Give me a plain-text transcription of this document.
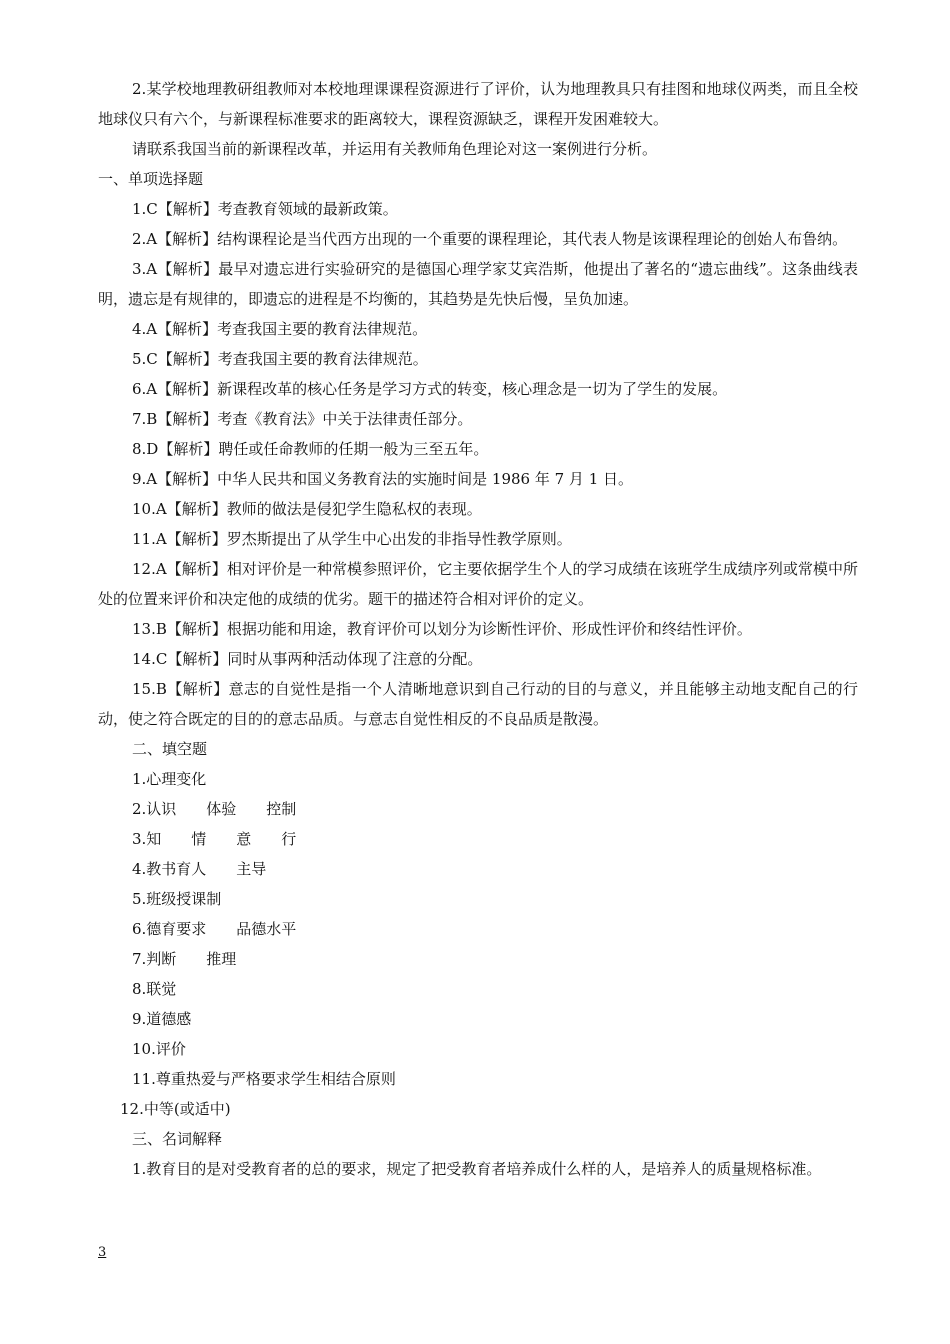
2.某学校地理教研组教师对本校地理课课程资源进行了评价，认为地理教具只有挂图和地球仪两类，而且全校地球仪只有六个，与新课程标准要求的距离较大，课程资源缺乏，课程开发困难较大。

请联系我国当前的新课程改革，并运用有关教师角色理论对这一案例进行分析。

一、单项选择题

1.C【解析】考查教育领域的最新政策。

2.A【解析】结构课程论是当代西方出现的一个重要的课程理论，其代表人物是该课程理论的创始人布鲁纳。

3.A【解析】最早对遗忘进行实验研究的是德国心理学家艾宾浩斯，他提出了著名的“遗忘曲线”。这条曲线表明，遗忘是有规律的，即遗忘的进程是不均衡的，其趋势是先快后慢，呈负加速。

4.A【解析】考查我国主要的教育法律规范。

5.C【解析】考查我国主要的教育法律规范。

6.A【解析】新课程改革的核心任务是学习方式的转变，核心理念是一切为了学生的发展。

7.B【解析】考查《教育法》中关于法律责任部分。

8.D【解析】聘任或任命教师的任期一般为三至五年。

9.A【解析】中华人民共和国义务教育法的实施时间是 1986 年 7 月 1 日。

10.A【解析】教师的做法是侵犯学生隐私权的表现。

11.A【解析】罗杰斯提出了从学生中心出发的非指导性教学原则。

12.A【解析】相对评价是一种常模参照评价，它主要依据学生个人的学习成绩在该班学生成绩序列或常模中所处的位置来评价和决定他的成绩的优劣。题干的描述符合相对评价的定义。

13.B【解析】根据功能和用途，教育评价可以划分为诊断性评价、形成性评价和终结性评价。

14.C【解析】同时从事两种活动体现了注意的分配。

15.B【解析】意志的自觉性是指一个人清晰地意识到自己行动的目的与意义，并且能够主动地支配自己的行动，使之符合既定的目的的意志品质。与意志自觉性相反的不良品质是散漫。

二、填空题

1.心理变化

2.认识　　体验　　控制

3.知　　情　　意　　行

4.教书育人　　主导

5.班级授课制

6.德育要求　　品德水平

7.判断　　推理

8.联觉

9.道德感

10.评价

11.尊重热爱与严格要求学生相结合原则

12.中等(或适中)

三、名词解释

1.教育目的是对受教育者的总的要求，规定了把受教育者培养成什么样的人，是培养人的质量规格标准。

3
